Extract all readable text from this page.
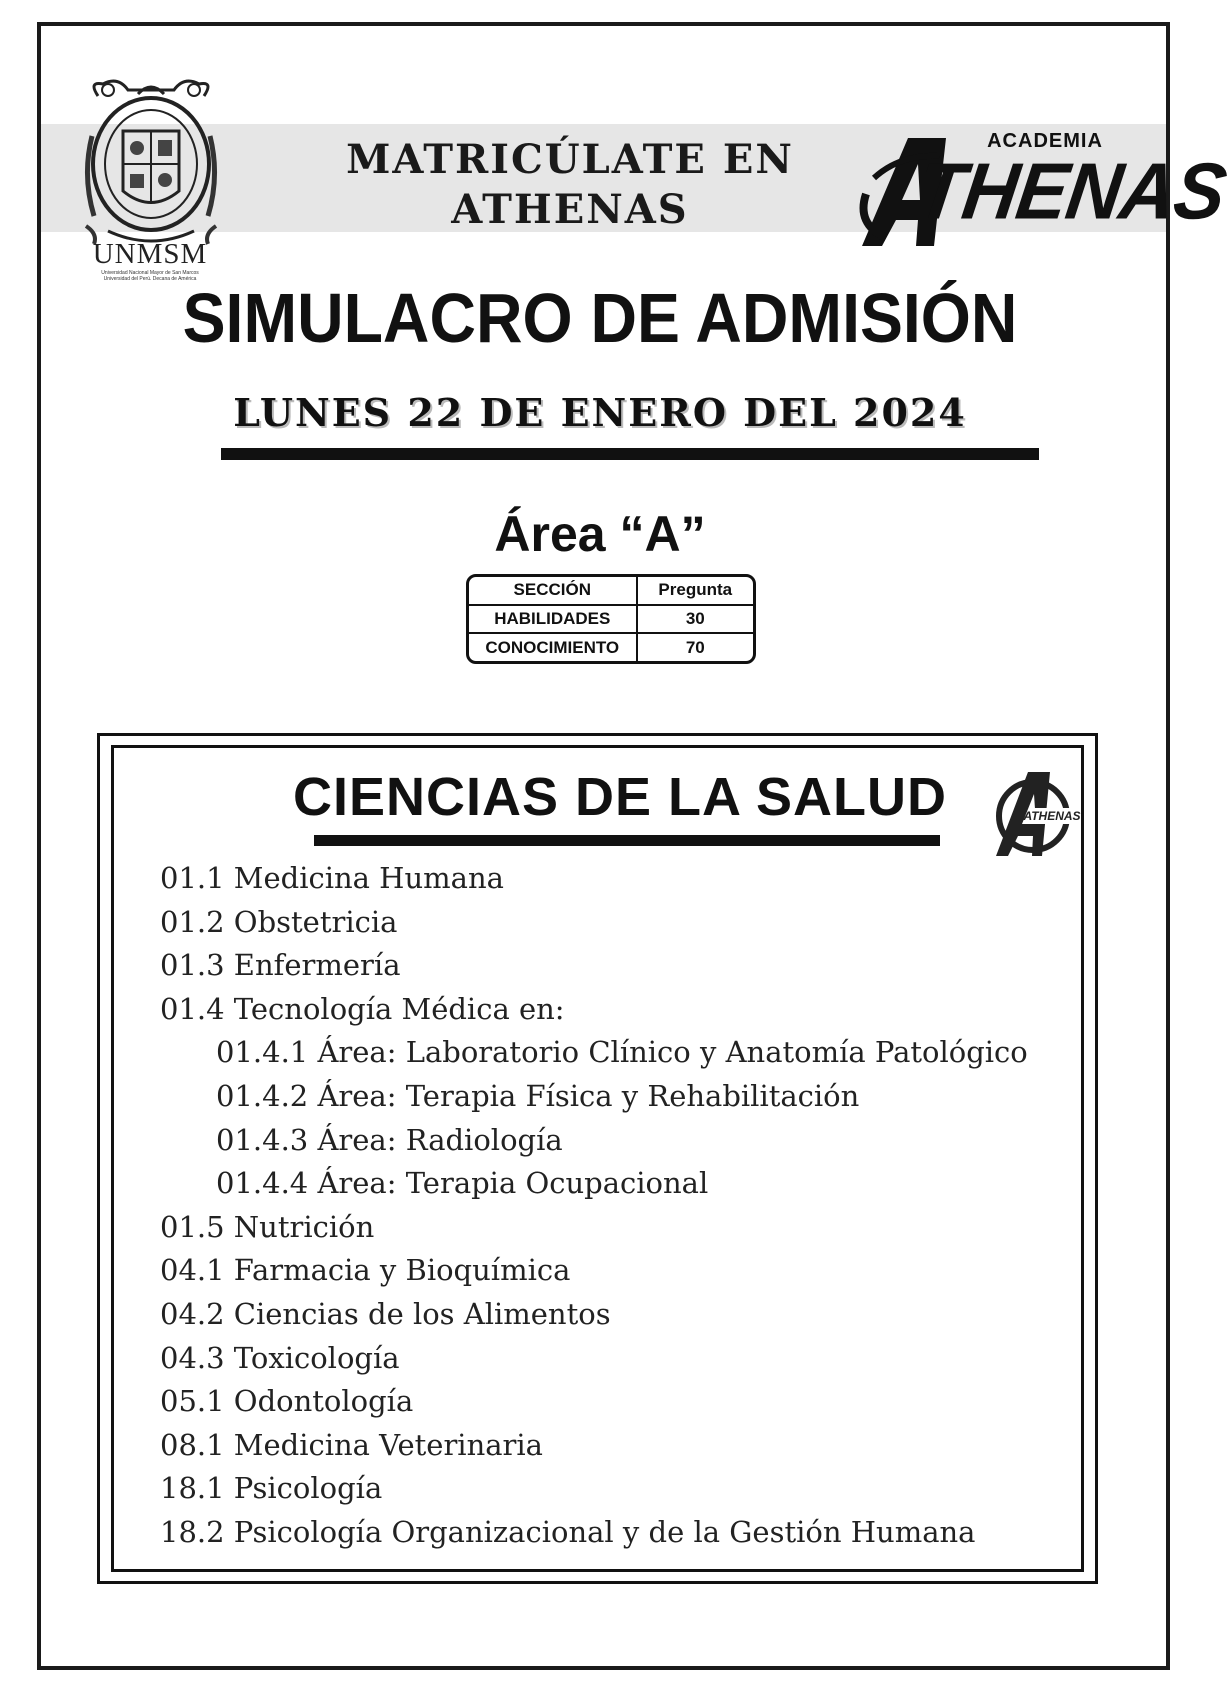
UNMSM
Universidad Nacional Mayor de San Marcos
Universidad del Perú. Decana de América
MATRICÚLATE EN
ATHENAS
ACADEMIA
THENAS
SIMULACRO DE ADMISIÓN
LUNES 22 DE ENERO DEL 2024
Área “A”
SECCIÓN	Pregunta
HABILIDADES	30
CONOCIMIENTO	70
CIENCIAS DE LA SALUD	ATHENAS
01.1 Medicina Humana
01.2 Obstetricia
01.3 Enfermería
01.4 Tecnología Médica en:
01.4.1 Área: Laboratorio Clínico y Anatomía Patológico
01.4.2 Área: Terapia Física y Rehabilitación
01.4.3 Área: Radiología
01.4.4 Área: Terapia Ocupacional
01.5 Nutrición
04.1 Farmacia y Bioquímica
04.2 Ciencias de los Alimentos
04.3 Toxicología
05.1 Odontología
08.1 Medicina Veterinaria
18.1 Psicología
18.2 Psicología Organizacional y de la Gestión Humana
